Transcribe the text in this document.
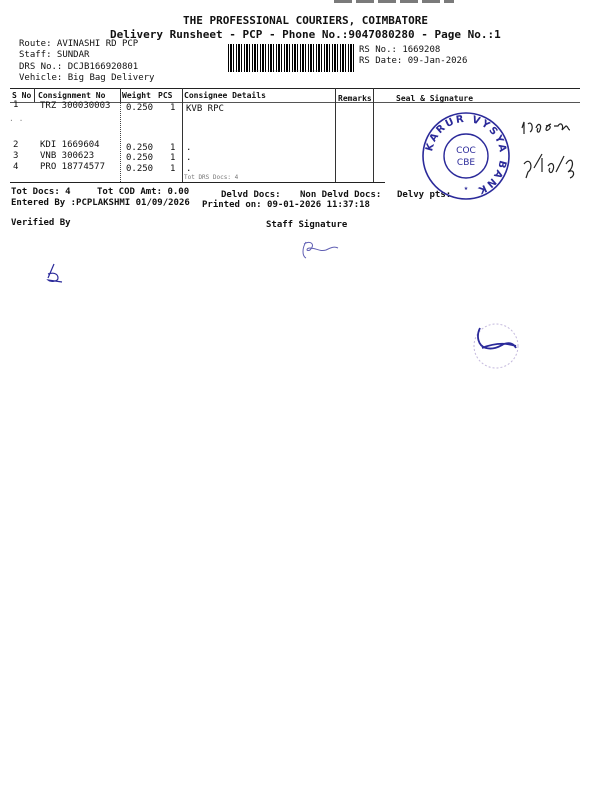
THE PROFESSIONAL COURIERS, COIMBATORE
Delivery Runsheet - PCP - Phone No.:9047080280 - Page No.:1
Route: AVINASHI RD PCP
Staff: SUNDAR
DRS No.: DCJB166920801
Vehicle: Big Bag Delivery
RS No.: 1669208
RS Date: 09-Jan-2026
S No Consignment No Weight PCS Consignee Details	Remarks	Seal & Signature
1 TRZ 300030003 0.250 1 KVB RPC
2 KDI 1669604	0.250 1 .
3 VNB 300623	0.250 1 .
4 PRO 18774577 0.250 1 .
Tot DRS Docs: 4
Tot Docs: 4	Tot COD Amt: 0.00	Delvd Docs: Non Delvd Docs: Delvy pts:
Entered By :PCPLAKSHMI 01/09/2026 Printed on: 09-01-2026 11:37:18
Verified By	Staff Signature
KARUR VYSYA BANK
COC
CBE
★
· ·
